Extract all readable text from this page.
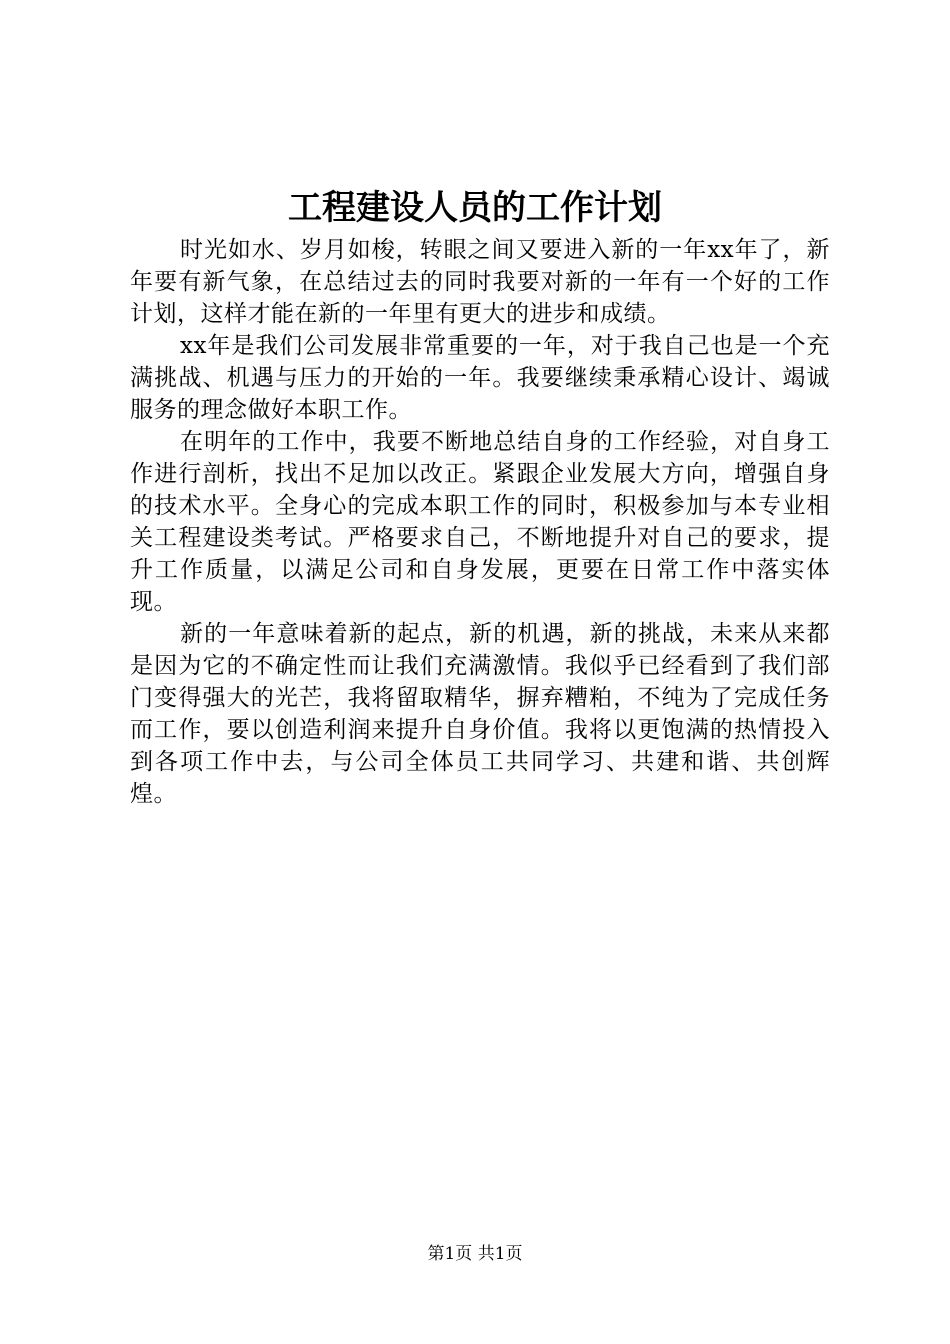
工程建设人员的工作计划

时光如水、岁月如梭，转眼之间又要进入新的一年xx年了，新年要有新气象，在总结过去的同时我要对新的一年有一个好的工作计划，这样才能在新的一年里有更大的进步和成绩。

xx年是我们公司发展非常重要的一年，对于我自己也是一个充满挑战、机遇与压力的开始的一年。我要继续秉承精心设计、竭诚服务的理念做好本职工作。

在明年的工作中，我要不断地总结自身的工作经验，对自身工作进行剖析，找出不足加以改正。紧跟企业发展大方向，增强自身的技术水平。全身心的完成本职工作的同时，积极参加与本专业相关工程建设类考试。严格要求自己，不断地提升对自己的要求，提升工作质量，以满足公司和自身发展，更要在日常工作中落实体现。

新的一年意味着新的起点，新的机遇，新的挑战，未来从来都是因为它的不确定性而让我们充满激情。我似乎已经看到了我们部门变得强大的光芒，我将留取精华，摒弃糟粕，不纯为了完成任务而工作，要以创造利润来提升自身价值。我将以更饱满的热情投入到各项工作中去，与公司全体员工共同学习、共建和谐、共创辉煌。

第1页 共1页
